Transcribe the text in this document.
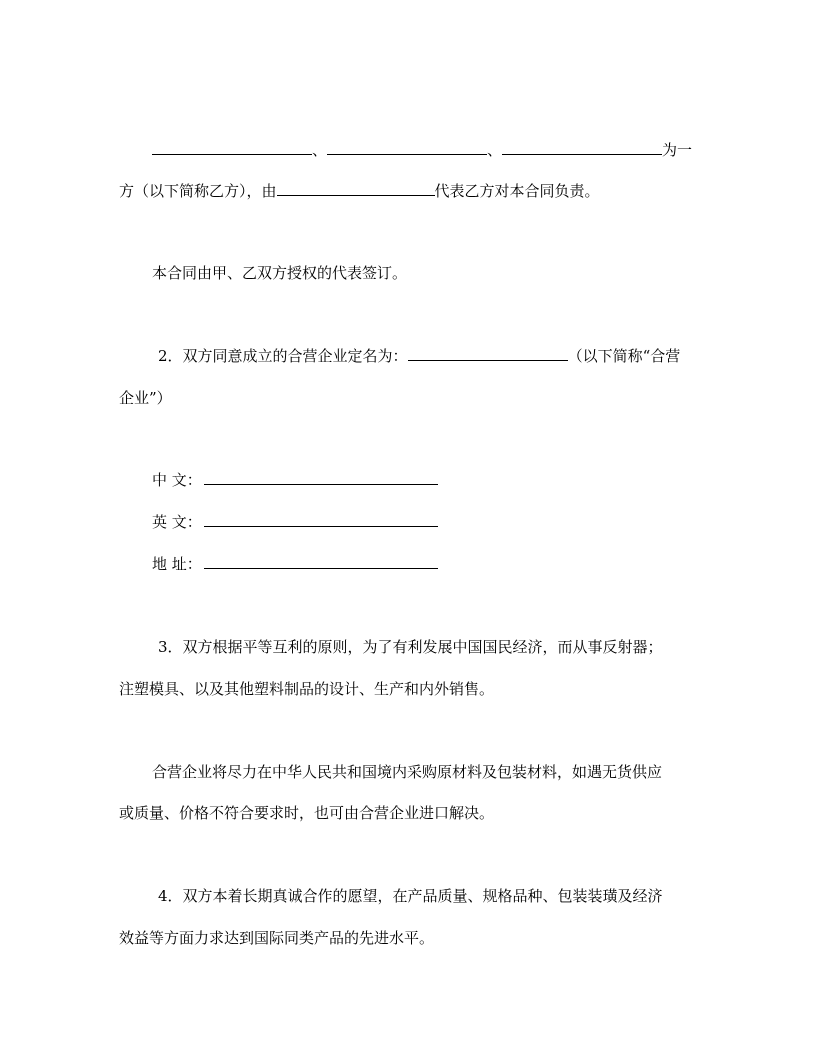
、	、	为一
方（以下简称乙方），由	代表乙方对本合同负责。
本合同由甲、乙双方授权的代表签订。
2．双方同意成立的合营企业定名为：	（以下简称“合营
企业”）
中 文：
英 文：
地 址：
3．双方根据平等互利的原则，为了有利发展中国国民经济，而从事反射器；
注塑模具、以及其他塑料制品的设计、生产和内外销售。
合营企业将尽力在中华人民共和国境内采购原材料及包装材料，如遇无货供应
或质量、价格不符合要求时，也可由合营企业进口解决。
4．双方本着长期真诚合作的愿望，在产品质量、规格品种、包装装璜及经济
效益等方面力求达到国际同类产品的先进水平。
